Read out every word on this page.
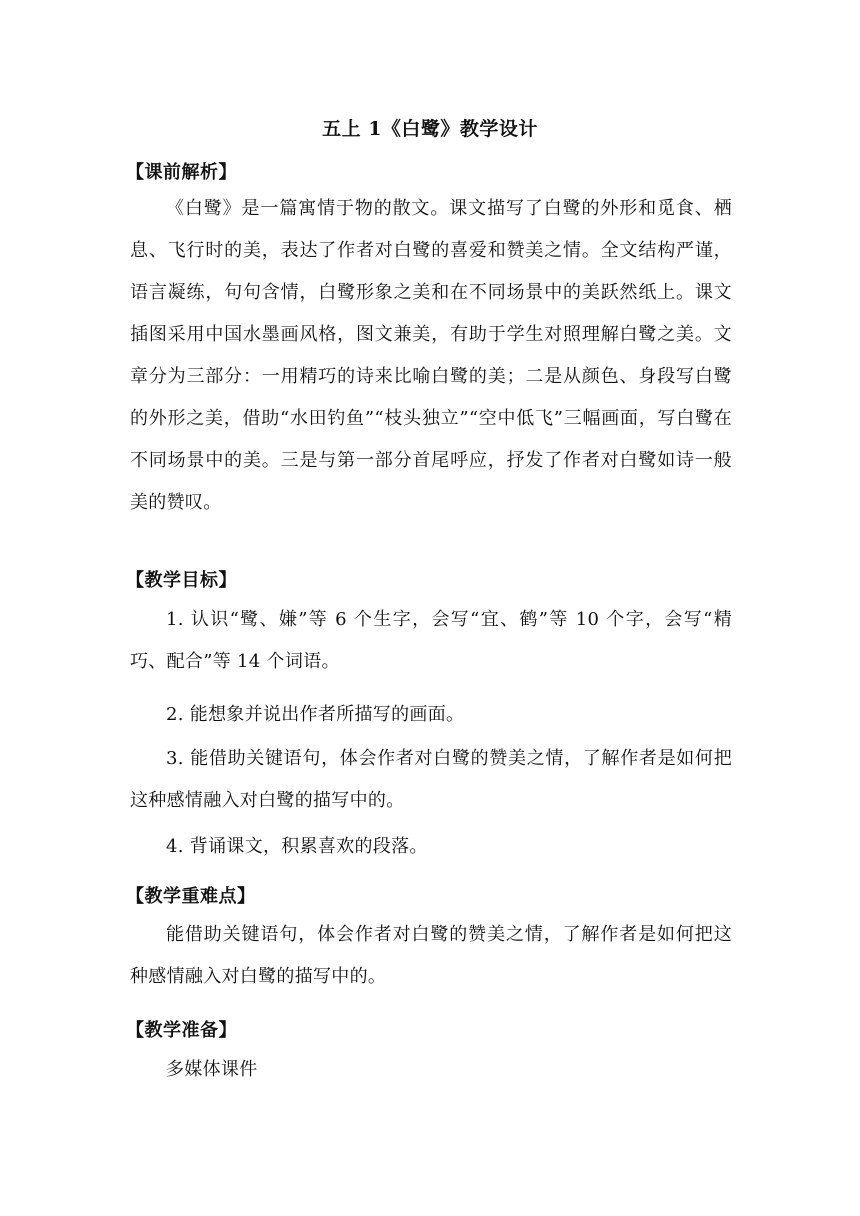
五上 1《白鹭》教学设计
【课前解析】
《白鹭》是一篇寓情于物的散文。课文描写了白鹭的外形和觅食、栖息、飞行时的美，表达了作者对白鹭的喜爱和赞美之情。全文结构严谨，语言凝练，句句含情，白鹭形象之美和在不同场景中的美跃然纸上。课文插图采用中国水墨画风格，图文兼美，有助于学生对照理解白鹭之美。文章分为三部分：一用精巧的诗来比喻白鹭的美；二是从颜色、身段写白鹭的外形之美，借助“水田钓鱼”“枝头独立”“空中低飞”三幅画面，写白鹭在不同场景中的美。三是与第一部分首尾呼应，抒发了作者对白鹭如诗一般美的赞叹。
【教学目标】
1. 认识“鹭、嫌”等 6 个生字，会写“宜、鹤”等 10 个字，会写“精巧、配合”等 14 个词语。
2. 能想象并说出作者所描写的画面。
3. 能借助关键语句，体会作者对白鹭的赞美之情，了解作者是如何把这种感情融入对白鹭的描写中的。
4. 背诵课文，积累喜欢的段落。
【教学重难点】
能借助关键语句，体会作者对白鹭的赞美之情，了解作者是如何把这种感情融入对白鹭的描写中的。
【教学准备】
多媒体课件
